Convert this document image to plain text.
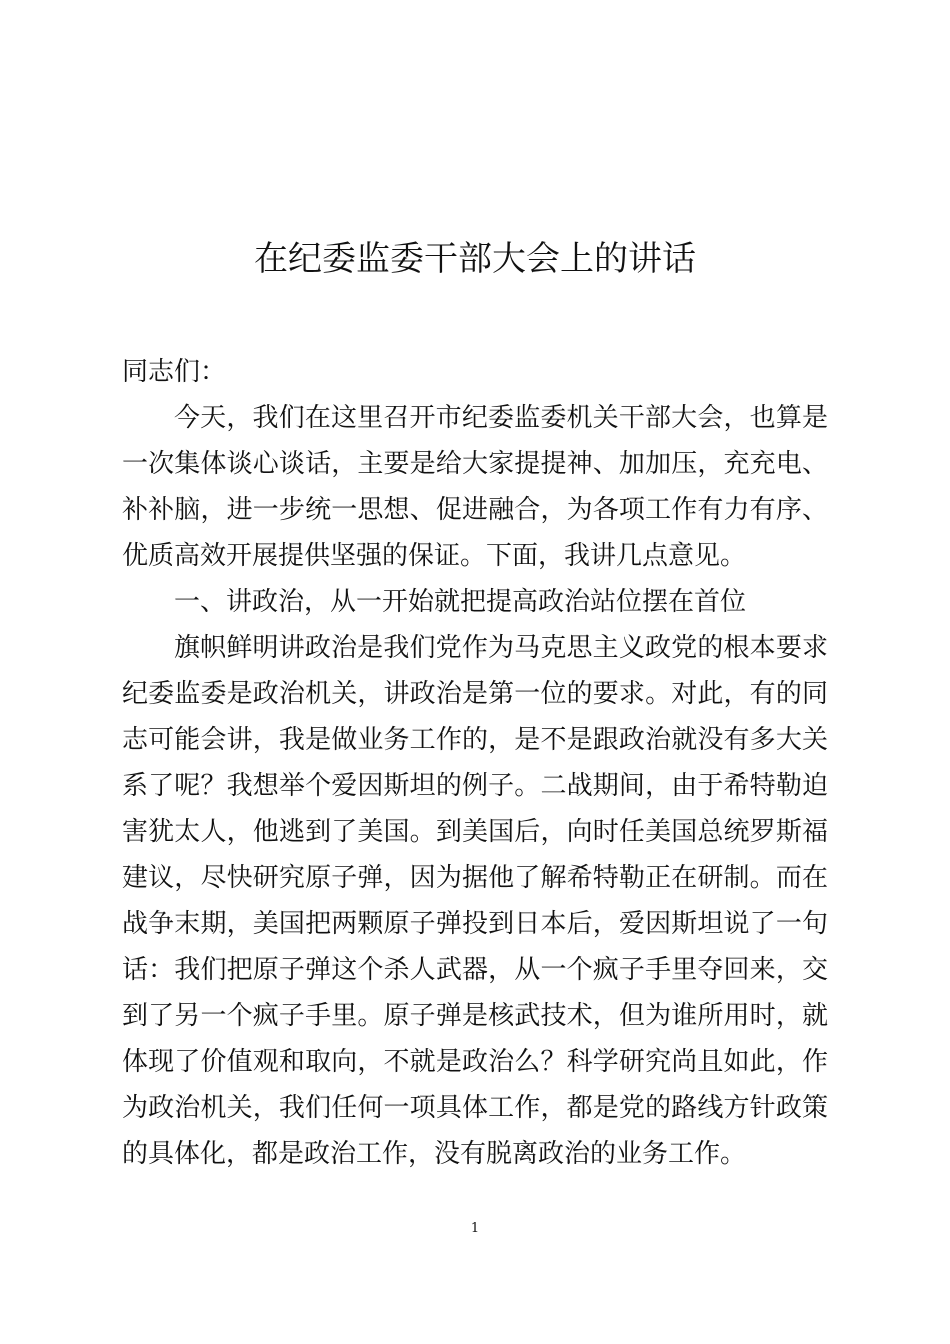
在纪委监委干部大会上的讲话
同志们：
今天，我们在这里召开市纪委监委机关干部大会，也算是一次集体谈心谈话，主要是给大家提提神、加加压，充充电、补补脑，进一步统一思想、促进融合，为各项工作有力有序、优质高效开展提供坚强的保证。下面，我讲几点意见。
一、讲政治，从一开始就把提高政治站位摆在首位
旗帜鲜明讲政治是我们党作为马克思主义政党的根本要求纪委监委是政治机关，讲政治是第一位的要求。对此，有的同志可能会讲，我是做业务工作的，是不是跟政治就没有多大关系了呢？我想举个爱因斯坦的例子。二战期间，由于希特勒迫害犹太人，他逃到了美国。到美国后，向时任美国总统罗斯福建议，尽快研究原子弹，因为据他了解希特勒正在研制。而在战争末期，美国把两颗原子弹投到日本后，爱因斯坦说了一句话：我们把原子弹这个杀人武器，从一个疯子手里夺回来，交到了另一个疯子手里。原子弹是核武技术，但为谁所用时，就体现了价值观和取向，不就是政治么？科学研究尚且如此，作为政治机关，我们任何一项具体工作，都是党的路线方针政策的具体化，都是政治工作，没有脱离政治的业务工作。
1
